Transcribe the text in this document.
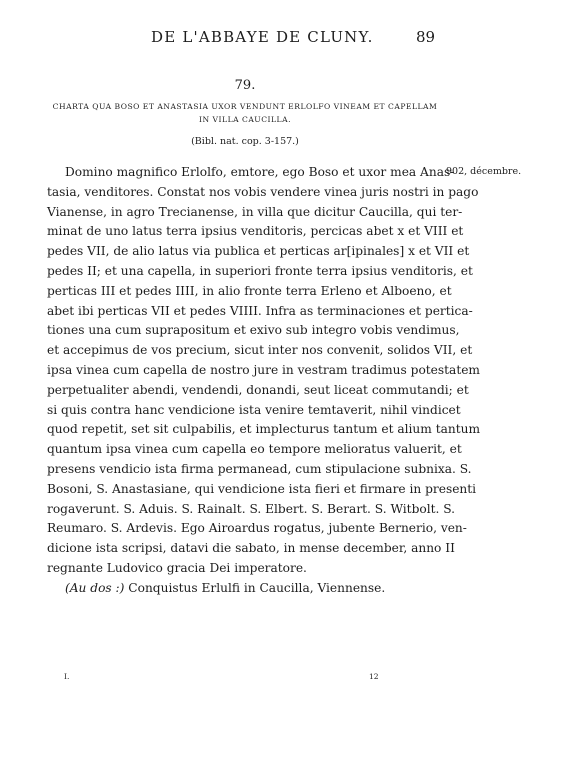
DE L'ABBAYE DE CLUNY.	89
79.
CHARTA QUA BOSO ET ANASTASIA UXOR VENDUNT ERLOLFO VINEAM ET CAPELLAM
IN VILLA CAUCILLA.
(Bibl. nat. cop. 3-157.)
902, décembre.
Domino magnifico Erlolfo, emtore, ego Boso et uxor mea Anas-
tasia, venditores. Constat nos vobis vendere vinea juris nostri in pago
Vianense, in agro Trecianense, in villa que dicitur Caucilla, qui ter-
minat de uno latus terra ipsius venditoris, percicas abet x et VIII et
pedes VII, de alio latus via publica et perticas ar[ipinales] x et VII et
pedes II; et una capella, in superiori fronte terra ipsius venditoris, et
perticas III et pedes IIII, in alio fronte terra Erleno et Alboeno, et
abet ibi perticas VII et pedes VIIII. Infra as terminaciones et pertica-
tiones una cum suprapositum et exivo sub integro vobis vendimus,
et accepimus de vos precium, sicut inter nos convenit, solidos VII, et
ipsa vinea cum capella de nostro jure in vestram tradimus potestatem
perpetualiter abendi, vendendi, donandi, seut liceat commutandi; et
si quis contra hanc vendicione ista venire temtaverit, nihil vindicet
quod repetit, set sit culpabilis, et implecturus tantum et alium tantum
quantum ipsa vinea cum capella eo tempore melioratus valuerit, et
presens vendicio ista firma permanead, cum stipulacione subnixa. S.
Bosoni, S. Anastasiane, qui vendicione ista fieri et firmare in presenti
rogaverunt. S. Aduis. S. Rainalt. S. Elbert. S. Berart. S. Witbolt. S.
Reumaro. S. Ardevis. Ego Airoardus rogatus, jubente Bernerio, ven-
dicione ista scripsi, datavi die sabato, in mense december, anno II
regnante Ludovico gracia Dei imperatore.
(Au dos :) Conquistus Erlulfi in Caucilla, Viennense.
I.	12
